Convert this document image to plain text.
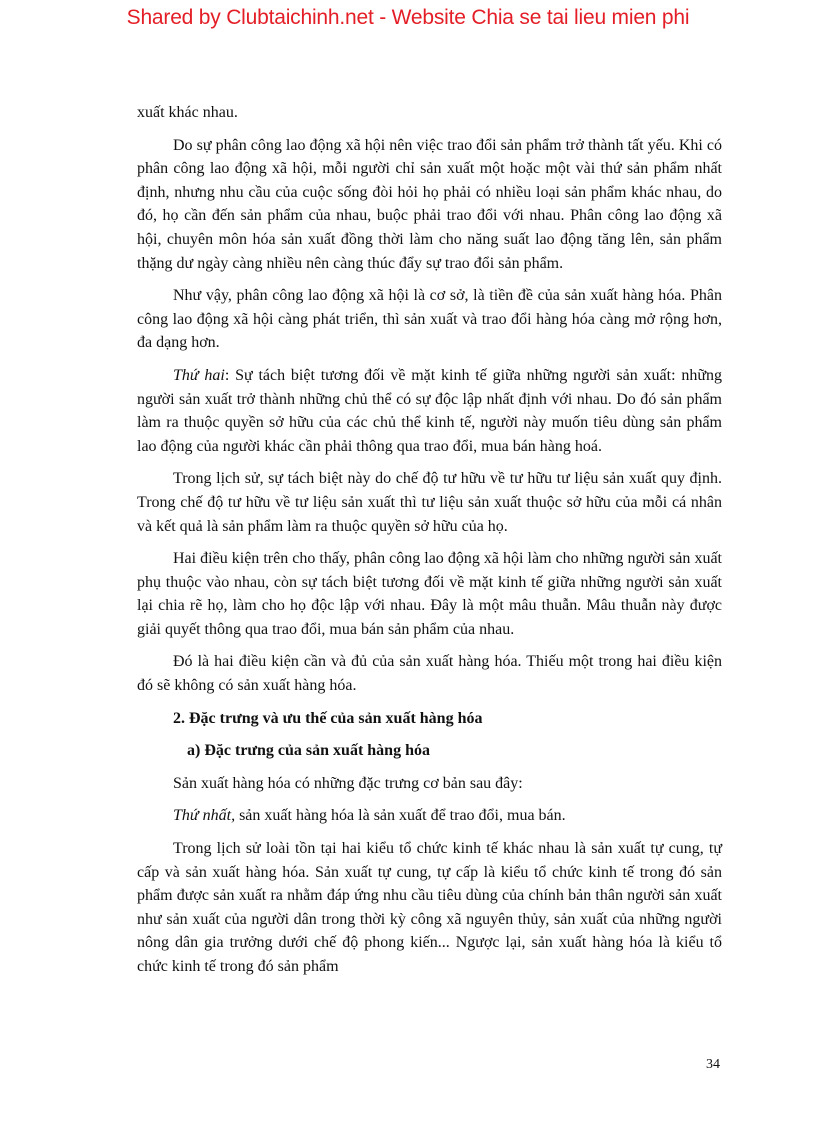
Shared by Clubtaichinh.net - Website Chia se tai lieu mien phi

xuất khác nhau.

Do sự phân công lao động xã hội nên việc trao đổi sản phẩm trở thành tất yếu. Khi có phân công lao động xã hội, mỗi người chỉ sản xuất một hoặc một vài thứ sản phẩm nhất định, nhưng nhu cầu của cuộc sống đòi hỏi họ phải có nhiều loại sản phẩm khác nhau, do đó, họ cần đến sản phẩm của nhau, buộc phải trao đổi với nhau. Phân công lao động xã hội, chuyên môn hóa sản xuất đồng thời làm cho năng suất lao động tăng lên, sản phẩm thặng dư ngày càng nhiều nên càng thúc đẩy sự trao đổi sản phẩm.

Như vậy, phân công lao động xã hội là cơ sở, là tiền đề của sản xuất hàng hóa. Phân công lao động xã hội càng phát triển, thì sản xuất và trao đổi hàng hóa càng mở rộng hơn, đa dạng hơn.

Thứ hai: Sự tách biệt tương đối về mặt kinh tế giữa những người sản xuất: những người sản xuất trở thành những chủ thể có sự độc lập nhất định với nhau. Do đó sản phẩm làm ra thuộc quyền sở hữu của các chủ thể kinh tế, người này muốn tiêu dùng sản phẩm lao động của người khác cần phải thông qua trao đổi, mua bán hàng hoá.

Trong lịch sử, sự tách biệt này do chế độ tư hữu về tư hữu tư liệu sản xuất quy định. Trong chế độ tư hữu về tư liệu sản xuất thì tư liệu sản xuất thuộc sở hữu của mỗi cá nhân và kết quả là sản phẩm làm ra thuộc quyền sở hữu của họ.

Hai điều kiện trên cho thấy, phân công lao động xã hội làm cho những người sản xuất phụ thuộc vào nhau, còn sự tách biệt tương đối về mặt kinh tế giữa những người sản xuất lại chia rẽ họ, làm cho họ độc lập với nhau. Đây là một mâu thuẫn. Mâu thuẫn này được giải quyết thông qua trao đổi, mua bán sản phẩm của nhau.

Đó là hai điều kiện cần và đủ của sản xuất hàng hóa. Thiếu một trong hai điều kiện đó sẽ không có sản xuất hàng hóa.

2. Đặc trưng và ưu thế của sản xuất hàng hóa

a) Đặc trưng của sản xuất hàng hóa

Sản xuất hàng hóa có những đặc trưng cơ bản sau đây:

Thứ nhất, sản xuất hàng hóa là sản xuất để trao đổi, mua bán.

Trong lịch sử loài tồn tại hai kiểu tổ chức kinh tế khác nhau là sản xuất tự cung, tự cấp và sản xuất hàng hóa. Sản xuất tự cung, tự cấp là kiểu tổ chức kinh tế trong đó sản phẩm được sản xuất ra nhằm đáp ứng nhu cầu tiêu dùng của chính bản thân người sản xuất như sản xuất của người dân trong thời kỳ công xã nguyên thủy, sản xuất của những người nông dân gia trưởng dưới chế độ phong kiến... Ngược lại, sản xuất hàng hóa là kiểu tổ chức kinh tế trong đó sản phẩm

34
